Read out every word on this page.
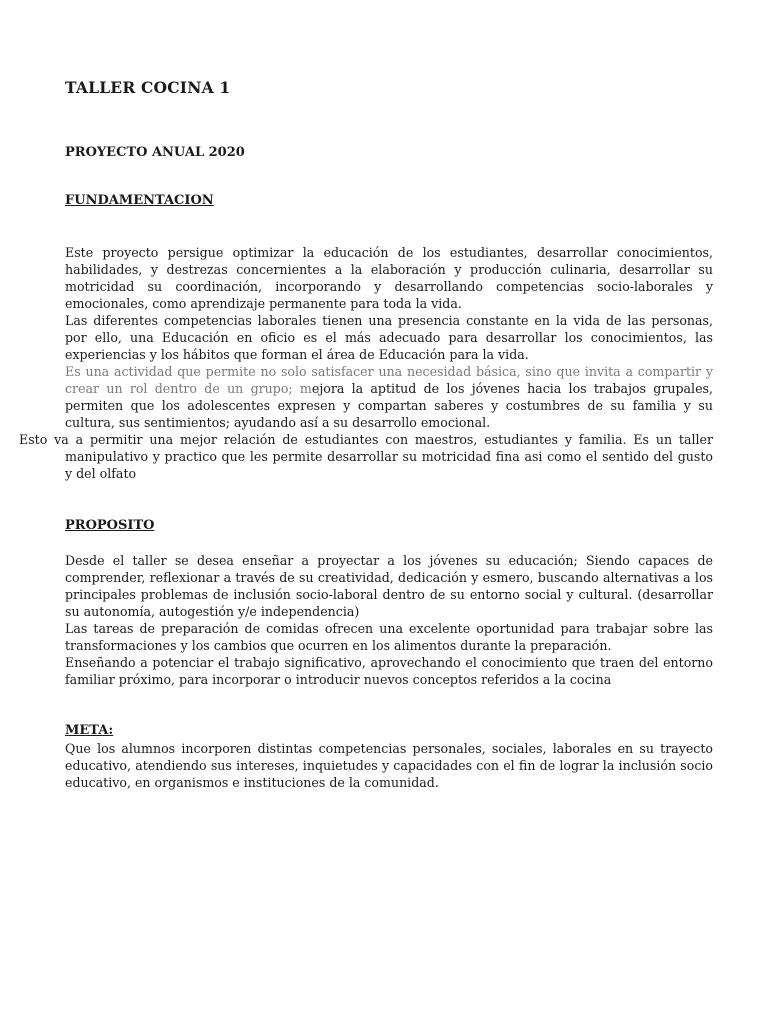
TALLER COCINA 1
PROYECTO ANUAL 2020
FUNDAMENTACION

Este proyecto persigue optimizar la educación de los estudiantes, desarrollar conocimientos, habilidades, y destrezas concernientes a la elaboración y producción culinaria, desarrollar su motricidad su coordinación, incorporando y desarrollando competencias socio-laborales y emocionales, como aprendizaje permanente para toda la vida.

Las diferentes competencias laborales tienen una presencia constante en la vida de las personas, por ello, una Educación en oficio es el más adecuado para desarrollar los conocimientos, las experiencias y los hábitos que forman el área de Educación para la vida.

Es una actividad que permite no solo satisfacer una necesidad básica, sino que invita a compartir y crear un rol dentro de un grupo; mejora la aptitud de los jóvenes hacia los trabajos grupales, permiten que los adolescentes expresen y compartan saberes y costumbres de su familia y su cultura, sus sentimientos; ayudando así a su desarrollo emocional.

Esto va a permitir una mejor relación de estudiantes con maestros, estudiantes y familia. Es un taller manipulativo y practico que les permite desarrollar su motricidad fina asi como el sentido del gusto y del olfato

PROPOSITO

Desde el taller se desea enseñar a proyectar a los jóvenes su educación; Siendo capaces de comprender, reflexionar a través de su creatividad, dedicación y esmero, buscando alternativas a los principales problemas de inclusión socio-laboral dentro de su entorno social y cultural. (desarrollar su autonomía, autogestión y/e independencia)

Las tareas de preparación de comidas ofrecen una excelente oportunidad para trabajar sobre las transformaciones y los cambios que ocurren en los alimentos durante la preparación.

Enseñando a potenciar el trabajo significativo, aprovechando el conocimiento que traen del entorno familiar próximo, para incorporar o introducir nuevos conceptos referidos a la cocina

META:

Que los alumnos incorporen distintas competencias personales, sociales, laborales en su trayecto educativo, atendiendo sus intereses, inquietudes y capacidades con el fin de lograr la inclusión socio educativo, en organismos e instituciones de la comunidad.
